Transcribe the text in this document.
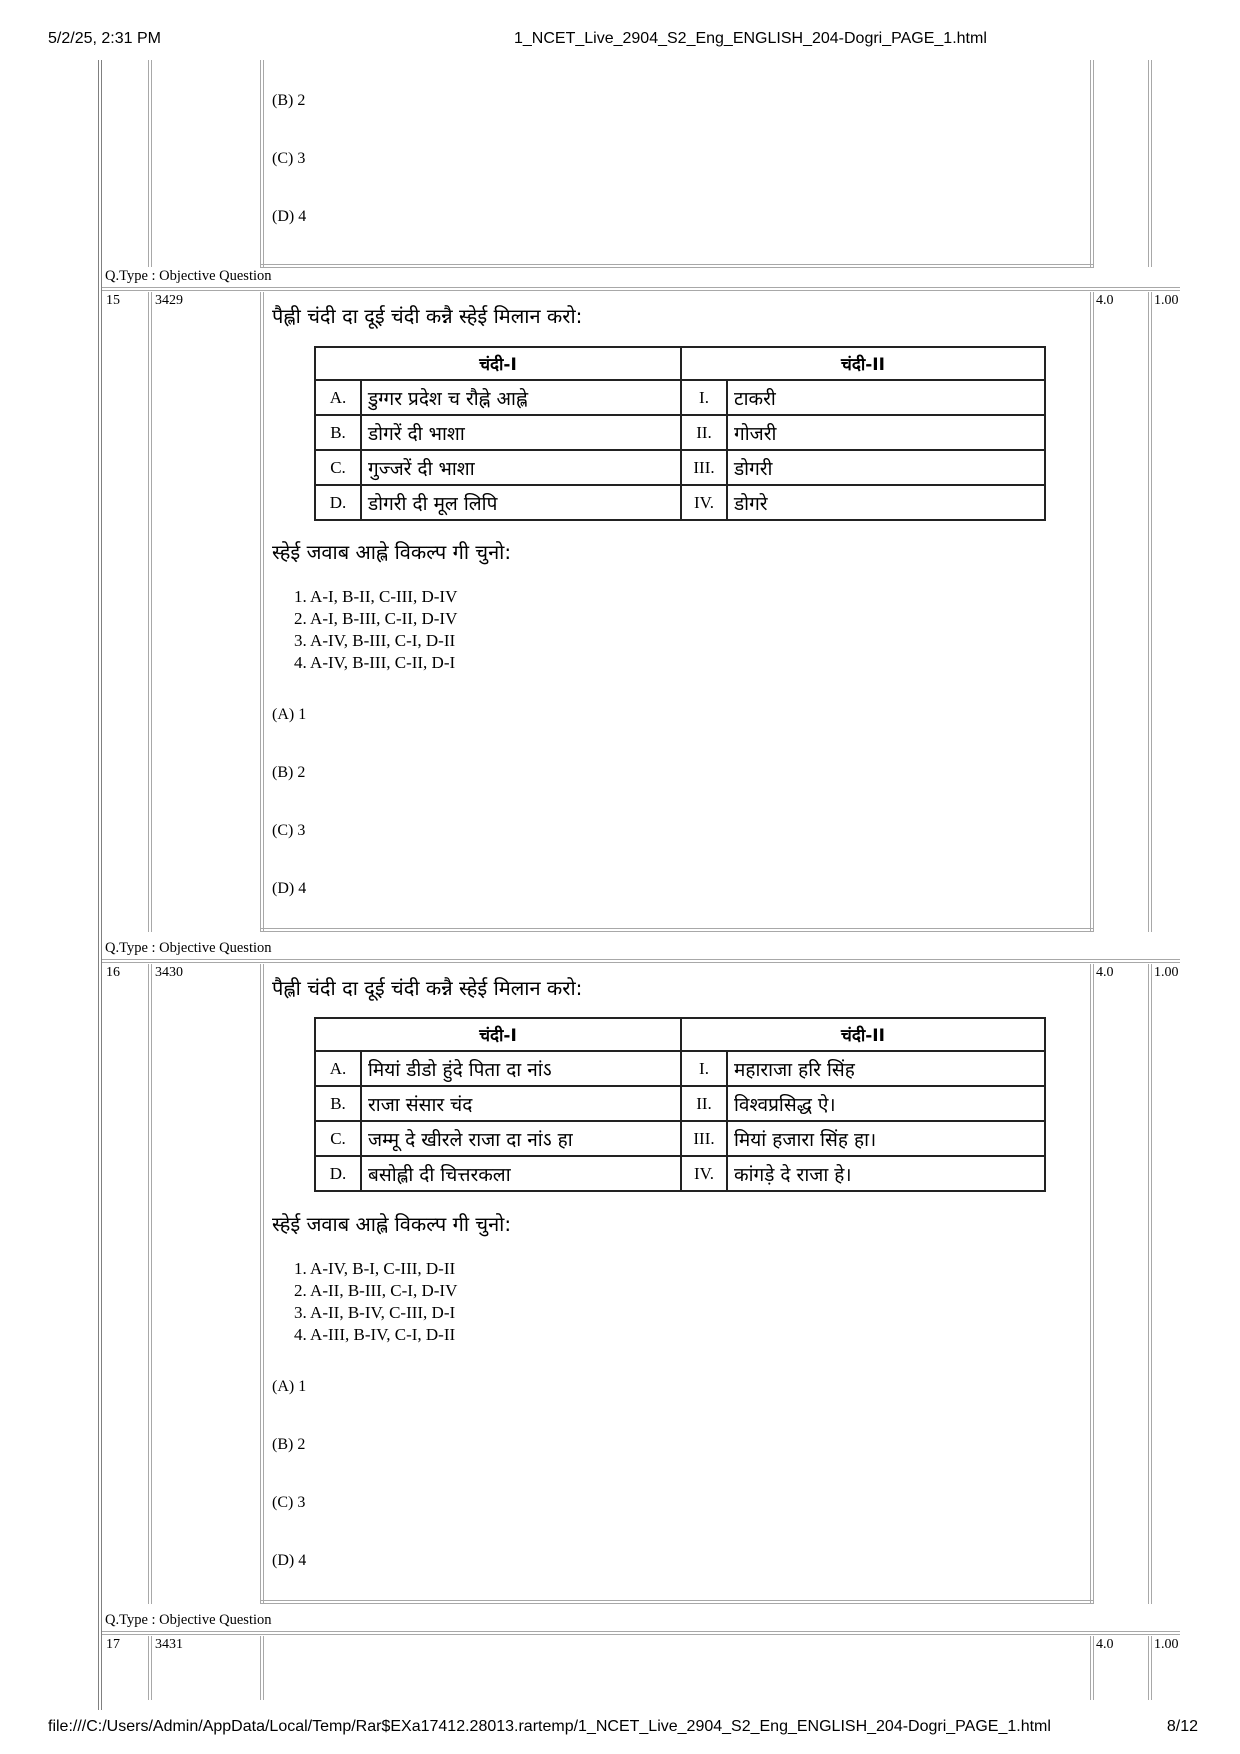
5/2/25, 2:31 PM	1_NCET_Live_2904_S2_Eng_ENGLISH_204-Dogri_PAGE_1.html
(B) 2
(C) 3
(D) 4
Q.Type : Objective Question
15	3429	4.0	1.00
पैह्ली चंदी दा दूई चंदी कन्नै स्हेई मिलान करो:
चंदी-I		चंदी-II	
A.	डुग्गर प्रदेश च रौह्ने आह्ले	I.	टाकरी
B.	डोगरें दी भाशा	II.	गोजरी
C.	गुज्जरें दी भाशा	III.	डोगरी
D.	डोगरी दी मूल लिपि	IV.	डोगरे
स्हेई जवाब आह्ले विकल्प गी चुनो:
1. A-I, B-II, C-III, D-IV
2. A-I, B-III, C-II, D-IV
3. A-IV, B-III, C-I, D-II
4. A-IV, B-III, C-II, D-I
(A) 1
(B) 2
(C) 3
(D) 4
Q.Type : Objective Question
16	3430	4.0	1.00
पैह्ली चंदी दा दूई चंदी कन्नै स्हेई मिलान करो:
चंदी-I		चंदी-II	
A.	मियां डीडो हुंदे पिता दा नांऽ	I.	महाराजा हरि सिंह
B.	राजा संसार चंद	II.	विश्वप्रसिद्ध ऐ।
C.	जम्मू दे खीरले राजा दा नांऽ हा	III.	मियां हजारा सिंह हा।
D.	बसोह्ली दी चित्तरकला	IV.	कांगड़े दे राजा हे।
स्हेई जवाब आह्ले विकल्प गी चुनो:
1. A-IV, B-I, C-III, D-II
2. A-II, B-III, C-I, D-IV
3. A-II, B-IV, C-III, D-I
4. A-III, B-IV, C-I, D-II
(A) 1
(B) 2
(C) 3
(D) 4
Q.Type : Objective Question
17	3431	4.0	1.00
file:///C:/Users/Admin/AppData/Local/Temp/Rar$EXa17412.28013.rartemp/1_NCET_Live_2904_S2_Eng_ENGLISH_204-Dogri_PAGE_1.html	8/12
